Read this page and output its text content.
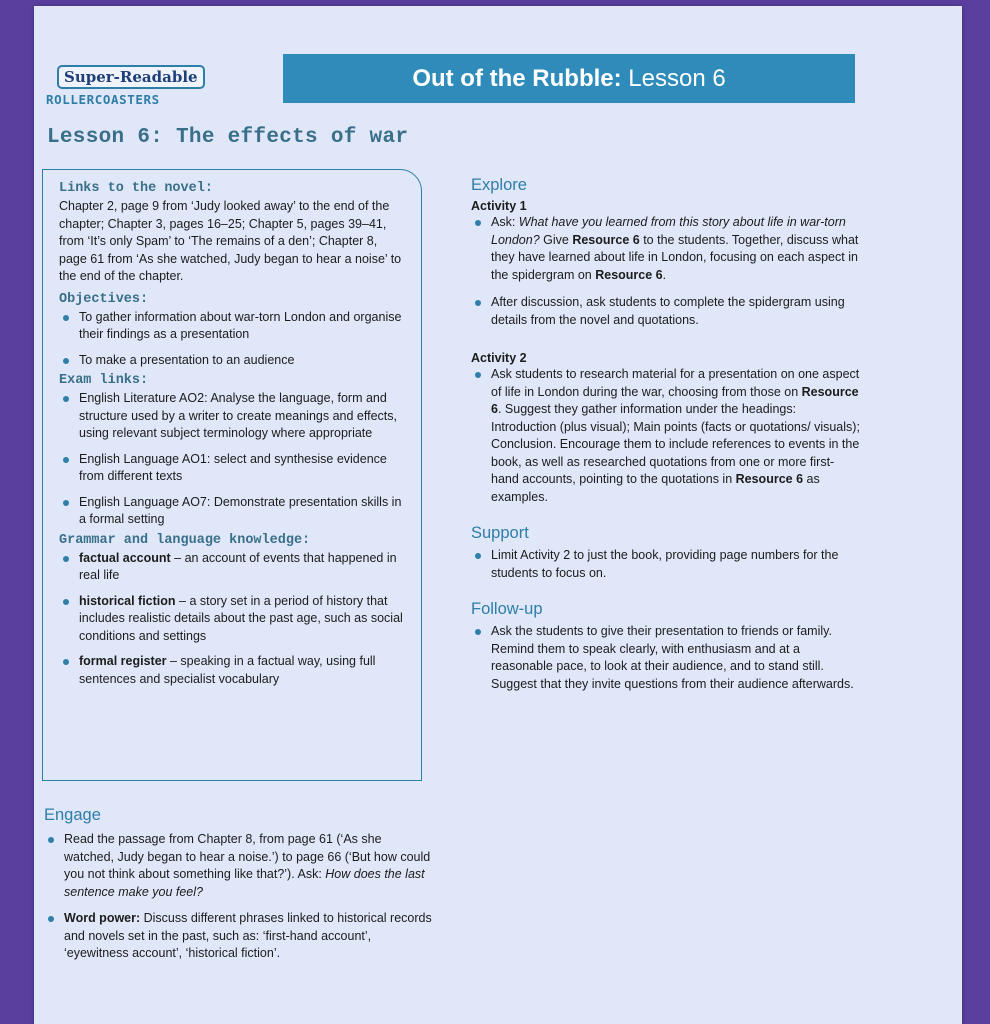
Super-Readable
ROLLERCOASTERS
Out of the Rubble: Lesson 6
Lesson 6: The effects of war
Links to the novel:
Chapter 2, page 9 from ‘Judy looked away’ to the end of the chapter; Chapter 3, pages 16–25; Chapter 5, pages 39–41, from ‘It’s only Spam’ to ‘The remains of a den’; Chapter 8, page 61 from ‘As she watched, Judy began to hear a noise’ to the end of the chapter.
Objectives:
To gather information about war-torn London and organise their findings as a presentation
To make a presentation to an audience
Exam links:
English Literature AO2: Analyse the language, form and structure used by a writer to create meanings and effects, using relevant subject terminology where appropriate
English Language AO1: select and synthesise evidence from different texts
English Language AO7: Demonstrate presentation skills in a formal setting
Grammar and language knowledge:
factual account – an account of events that happened in real life
historical fiction – a story set in a period of history that includes realistic details about the past age, such as social conditions and settings
formal register – speaking in a factual way, using full sentences and specialist vocabulary
Engage
Read the passage from Chapter 8, from page 61 (‘As she watched, Judy began to hear a noise.’) to page 66 (‘But how could you not think about something like that?’). Ask: How does the last sentence make you feel?
Word power: Discuss different phrases linked to historical records and novels set in the past, such as: ‘first-hand account’, ‘eyewitness account’, ‘historical fiction’.
Explore
Activity 1
Ask: What have you learned from this story about life in war-torn London? Give Resource 6 to the students. Together, discuss what they have learned about life in London, focusing on each aspect in the spidergram on Resource 6.
After discussion, ask students to complete the spidergram using details from the novel and quotations.
Activity 2
Ask students to research material for a presentation on one aspect of life in London during the war, choosing from those on Resource 6. Suggest they gather information under the headings: Introduction (plus visual); Main points (facts or quotations/ visuals); Conclusion. Encourage them to include references to events in the book, as well as researched quotations from one or more first-hand accounts, pointing to the quotations in Resource 6 as examples.
Support
Limit Activity 2 to just the book, providing page numbers for the students to focus on.
Follow-up
Ask the students to give their presentation to friends or family. Remind them to speak clearly, with enthusiasm and at a reasonable pace, to look at their audience, and to stand still. Suggest that they invite questions from their audience afterwards.
